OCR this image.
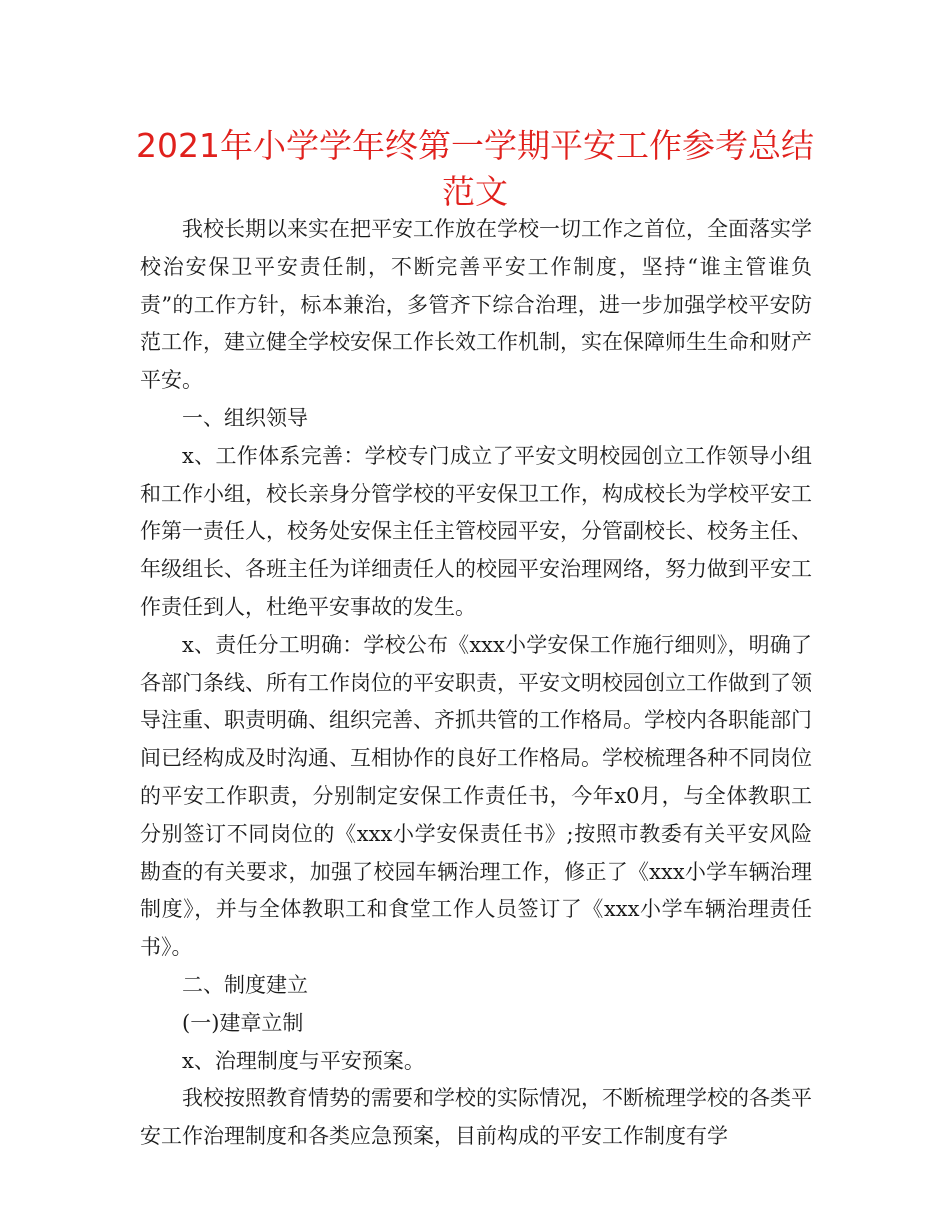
2021年小学学年终第一学期平安工作参考总结
范文

我校长期以来实在把平安工作放在学校一切工作之首位，全面落实学校治安保卫平安责任制，不断完善平安工作制度，坚持“谁主管谁负责”的工作方针，标本兼治，多管齐下综合治理，进一步加强学校平安防范工作，建立健全学校安保工作长效工作机制，实在保障师生生命和财产平安。

一、组织领导

x、工作体系完善：学校专门成立了平安文明校园创立工作领导小组和工作小组，校长亲身分管学校的平安保卫工作，构成校长为学校平安工作第一责任人，校务处安保主任主管校园平安，分管副校长、校务主任、年级组长、各班主任为详细责任人的校园平安治理网络，努力做到平安工作责任到人，杜绝平安事故的发生。

x、责任分工明确：学校公布《xxx小学安保工作施行细则》，明确了各部门条线、所有工作岗位的平安职责，平安文明校园创立工作做到了领导注重、职责明确、组织完善、齐抓共管的工作格局。学校内各职能部门间已经构成及时沟通、互相协作的良好工作格局。学校梳理各种不同岗位的平安工作职责，分别制定安保工作责任书，今年x0月，与全体教职工分别签订不同岗位的《xxx小学安保责任书》;按照市教委有关平安风险勘查的有关要求，加强了校园车辆治理工作，修正了《xxx小学车辆治理制度》，并与全体教职工和食堂工作人员签订了《xxx小学车辆治理责任书》。

二、制度建立

(一)建章立制

x、治理制度与平安预案。

我校按照教育情势的需要和学校的实际情况，不断梳理学校的各类平安工作治理制度和各类应急预案，目前构成的平安工作制度有学
